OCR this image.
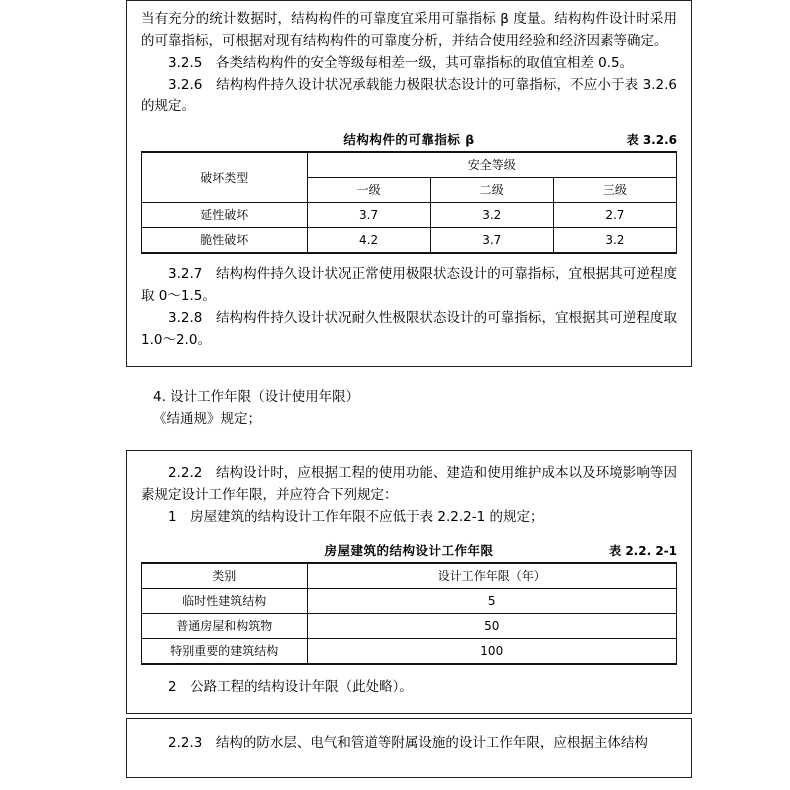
当有充分的统计数据时，结构构件的可靠度宜采用可靠指标 β 度量。结构构件设计时采用的可靠指标，可根据对现有结构构件的可靠度分析，并结合使用经验和经济因素等确定。

3.2.5　各类结构构件的安全等级每相差一级，其可靠指标的取值宜相差 0.5。

3.2.6　结构构件持久设计状况承载能力极限状态设计的可靠指标，不应小于表 3.2.6 的规定。

结构构件的可靠指标 β	表 3.2.6
破坏类型	安全等级		
	一级	二级	三级
延性破坏	3.7	3.2	2.7
脆性破坏	4.2	3.7	3.2

3.2.7　结构构件持久设计状况正常使用极限状态设计的可靠指标，宜根据其可逆程度取 0～1.5。

3.2.8　结构构件持久设计状况耐久性极限状态设计的可靠指标，宜根据其可逆程度取 1.0～2.0。

4. 设计工作年限（设计使用年限）
《结通规》规定；

2.2.2　结构设计时，应根据工程的使用功能、建造和使用维护成本以及环境影响等因素规定设计工作年限，并应符合下列规定：

1　房屋建筑的结构设计工作年限不应低于表 2.2.2-1 的规定；

房屋建筑的结构设计工作年限	表 2.2. 2-1
类别	设计工作年限（年）
临时性建筑结构	5
普通房屋和构筑物	50
特别重要的建筑结构	100

2　公路工程的结构设计年限（此处略）。

2.2.3　结构的防水层、电气和管道等附属设施的设计工作年限，应根据主体结构
